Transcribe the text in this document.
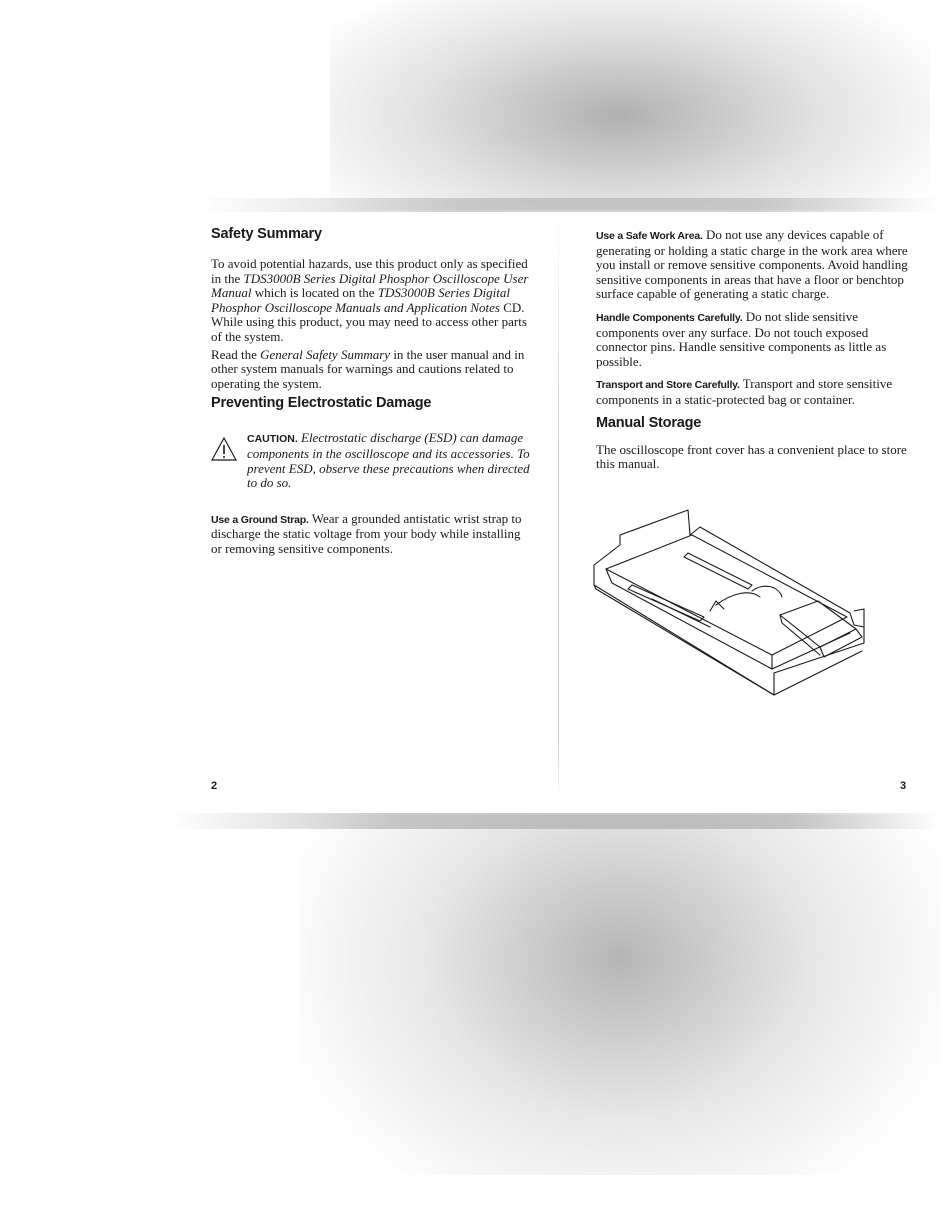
Safety Summary

To avoid potential hazards, use this product only as specified in the TDS3000B Series Digital Phosphor Oscilloscope User Manual which is located on the TDS3000B Series Digital Phosphor Oscilloscope Manuals and Application Notes CD. While using this product, you may need to access other parts of the system.

Read the General Safety Summary in the user manual and in other system manuals for warnings and cautions related to operating the system.

Preventing Electrostatic Damage

CAUTION. Electrostatic discharge (ESD) can damage components in the oscilloscope and its accessories. To prevent ESD, observe these precautions when directed to do so.

Use a Ground Strap. Wear a grounded antistatic wrist strap to discharge the static voltage from your body while installing or removing sensitive components.

2

Use a Safe Work Area. Do not use any devices capable of generating or holding a static charge in the work area where you install or remove sensitive components. Avoid handling sensitive components in areas that have a floor or benchtop surface capable of generating a static charge.

Handle Components Carefully. Do not slide sensitive components over any surface. Do not touch exposed connector pins. Handle sensitive components as little as possible.

Transport and Store Carefully. Transport and store sensitive components in a static-protected bag or container.

Manual Storage

The oscilloscope front cover has a convenient place to store this manual.

3
